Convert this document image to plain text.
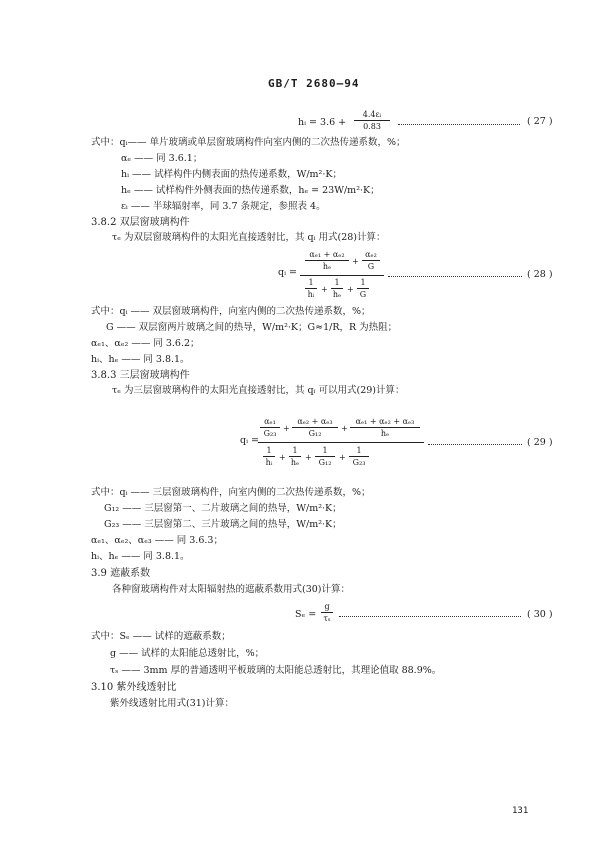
GB/T 2680—94
hᵢ = 3.6 +
4.4εᵢ
0.83	( 27 )
式中：qᵢ—— 单片玻璃或单层窗玻璃构件向室内侧的二次热传递系数，%；
αₑ —— 同 3.6.1；
hᵢ —— 试样构件内侧表面的热传递系数，W/m²·K；
hₑ —— 试样构件外侧表面的热传递系数，hₑ = 23W/m²·K；
εᵢ —— 半球辐射率，同 3.7 条规定，参照表 4。
3.8.2 双层窗玻璃构件
τₑ 为双层窗玻璃构件的太阳光直接透射比，其 qᵢ 用式(28)计算：
qᵢ =
αₑ₁ + αₑ₂
hₑ
+
αₑ₂
G
1
hᵢ
+
1
hₑ
+
1
G
( 28 )
式中：qᵢ —— 双层窗玻璃构件，向室内侧的二次热传递系数，%；
G —— 双层窗两片玻璃之间的热导，W/m²·K；G≈1/R，R 为热阻；
αₑ₁、αₑ₂ —— 同 3.6.2；
hᵢ、hₑ —— 同 3.8.1。
3.8.3 三层窗玻璃构件
τₑ 为三层窗玻璃构件的太阳光直接透射比，其 qᵢ 可以用式(29)计算：
qᵢ =
αₑ₁
G₂₃
+
αₑ₂ + αₑ₃
G₁₂
+
αₑ₁ + αₑ₂ + αₑ₃
hₑ
1
hᵢ
+
1
hₑ
+
1
G₁₂
+
1
G₂₃
( 29 )
式中：qᵢ —— 三层窗玻璃构件，向室内侧的二次热传递系数，%；
G₁₂ —— 三层窗第一、二片玻璃之间的热导，W/m²·K；
G₂₃ —— 三层窗第二、三片玻璃之间的热导，W/m²·K；
αₑ₁、αₑ₂、αₑ₃ —— 同 3.6.3；
hᵢ、hₑ —— 同 3.8.1。
3.9 遮蔽系数
各种窗玻璃构件对太阳辐射热的遮蔽系数用式(30)计算：
Sₑ =
g
τₛ	( 30 )
式中：Sₑ —— 试样的遮蔽系数；
g —— 试样的太阳能总透射比，%；
τₛ —— 3mm 厚的普通透明平板玻璃的太阳能总透射比，其理论值取 88.9%。
3.10 紫外线透射比
紫外线透射比用式(31)计算：
131
